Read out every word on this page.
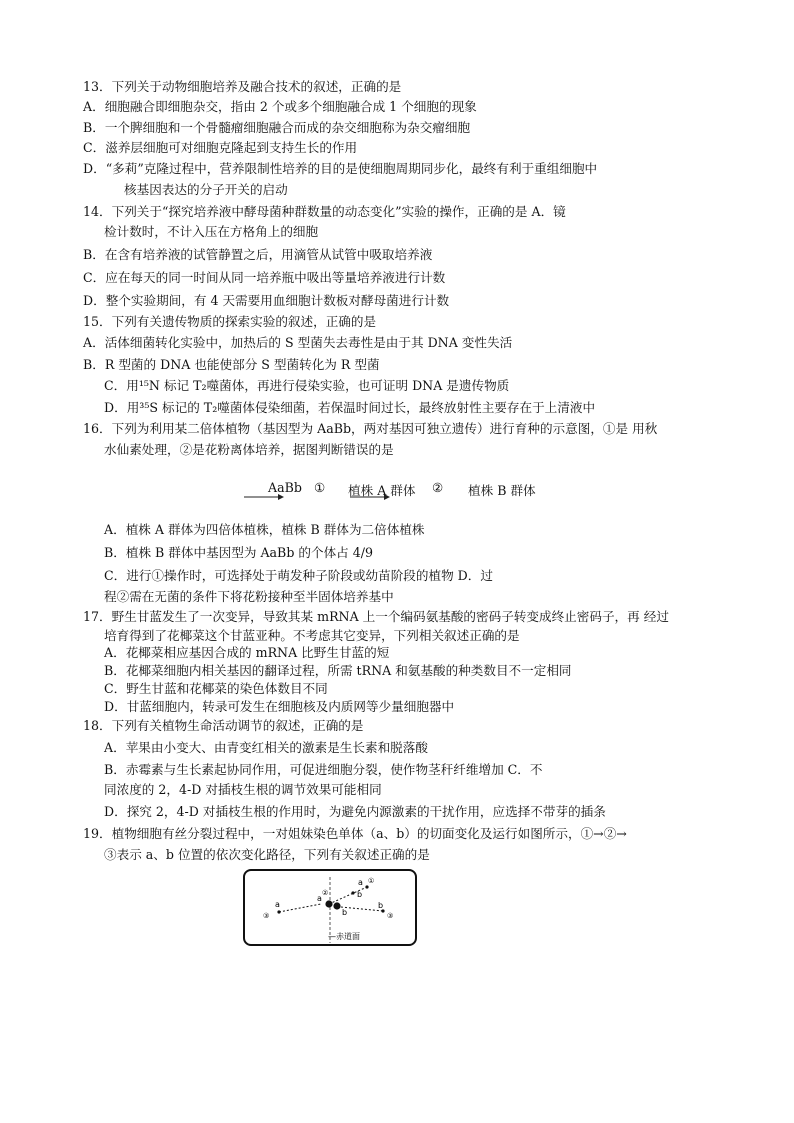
13．下列关于动物细胞培养及融合技术的叙述，正确的是
A．细胞融合即细胞杂交，指由 2 个或多个细胞融合成 1 个细胞的现象
B．一个脾细胞和一个骨髓瘤细胞融合而成的杂交细胞称为杂交瘤细胞
C．滋养层细胞可对细胞克隆起到支持生长的作用
D．“多莉”克隆过程中，营养限制性培养的目的是使细胞周期同步化，最终有利于重组细胞中
核基因表达的分子开关的启动
14．下列关于“探究培养液中酵母菌种群数量的动态变化”实验的操作，正确的是 A．镜
检计数时，不计入压在方格角上的细胞
B．在含有培养液的试管静置之后，用滴管从试管中吸取培养液
C．应在每天的同一时间从同一培养瓶中吸出等量培养液进行计数
D．整个实验期间，有 4 天需要用血细胞计数板对酵母菌进行计数
15．下列有关遗传物质的探索实验的叙述，正确的是
A．活体细菌转化实验中，加热后的 S 型菌失去毒性是由于其 DNA 变性失活
B．R 型菌的 DNA 也能使部分 S 型菌转化为 R 型菌
C．用¹⁵N 标记 T₂噬菌体，再进行侵染实验，也可证明 DNA 是遗传物质
D．用³⁵S 标记的 T₂噬菌体侵染细菌，若保温时间过长，最终放射性主要存在于上清液中
16．下列为利用某二倍体植物（基因型为 AaBb，两对基因可独立遗传）进行育种的示意图，①是 用秋
水仙素处理，②是花粉离体培养，据图判断错误的是
AaBb ① 植株 A 群体 ② 植株 B 群体
A．植株 A 群体为四倍体植株，植株 B 群体为二倍体植株
B．植株 B 群体中基因型为 AaBb 的个体占 4/9
C．进行①操作时，可选择处于萌发种子阶段或幼苗阶段的植物 D．过
程②需在无菌的条件下将花粉接种至半固体培养基中
17．野生甘蓝发生了一次变异，导致其某 mRNA 上一个编码氨基酸的密码子转变成终止密码子，再 经过
培育得到了花椰菜这个甘蓝亚种。不考虑其它变异，下列相关叙述正确的是
A．花椰菜相应基因合成的 mRNA 比野生甘蓝的短
B．花椰菜细胞内相关基因的翻译过程，所需 tRNA 和氨基酸的种类数目不一定相同
C．野生甘蓝和花椰菜的染色体数目不同
D．甘蓝细胞内，转录可发生在细胞核及内质网等少量细胞器中
18．下列有关植物生命活动调节的叙述，正确的是
A．苹果由小变大、由青变红相关的激素是生长素和脱落酸
B．赤霉素与生长素起协同作用，可促进细胞分裂，使作物茎秆纤维增加 C．不
同浓度的 2，4-D 对插枝生根的调节效果可能相同
D．探究 2，4-D 对插枝生根的作用时，为避免内源激素的干扰作用，应选择不带芽的插条
19．植物细胞有丝分裂过程中，一对姐妹染色单体（a、b）的切面变化及运行如图所示，①→②→
③表示 a、b 位置的依次变化路径，下列有关叙述正确的是
a
a
a
b
b
b
③
②
①
③
—赤道面
